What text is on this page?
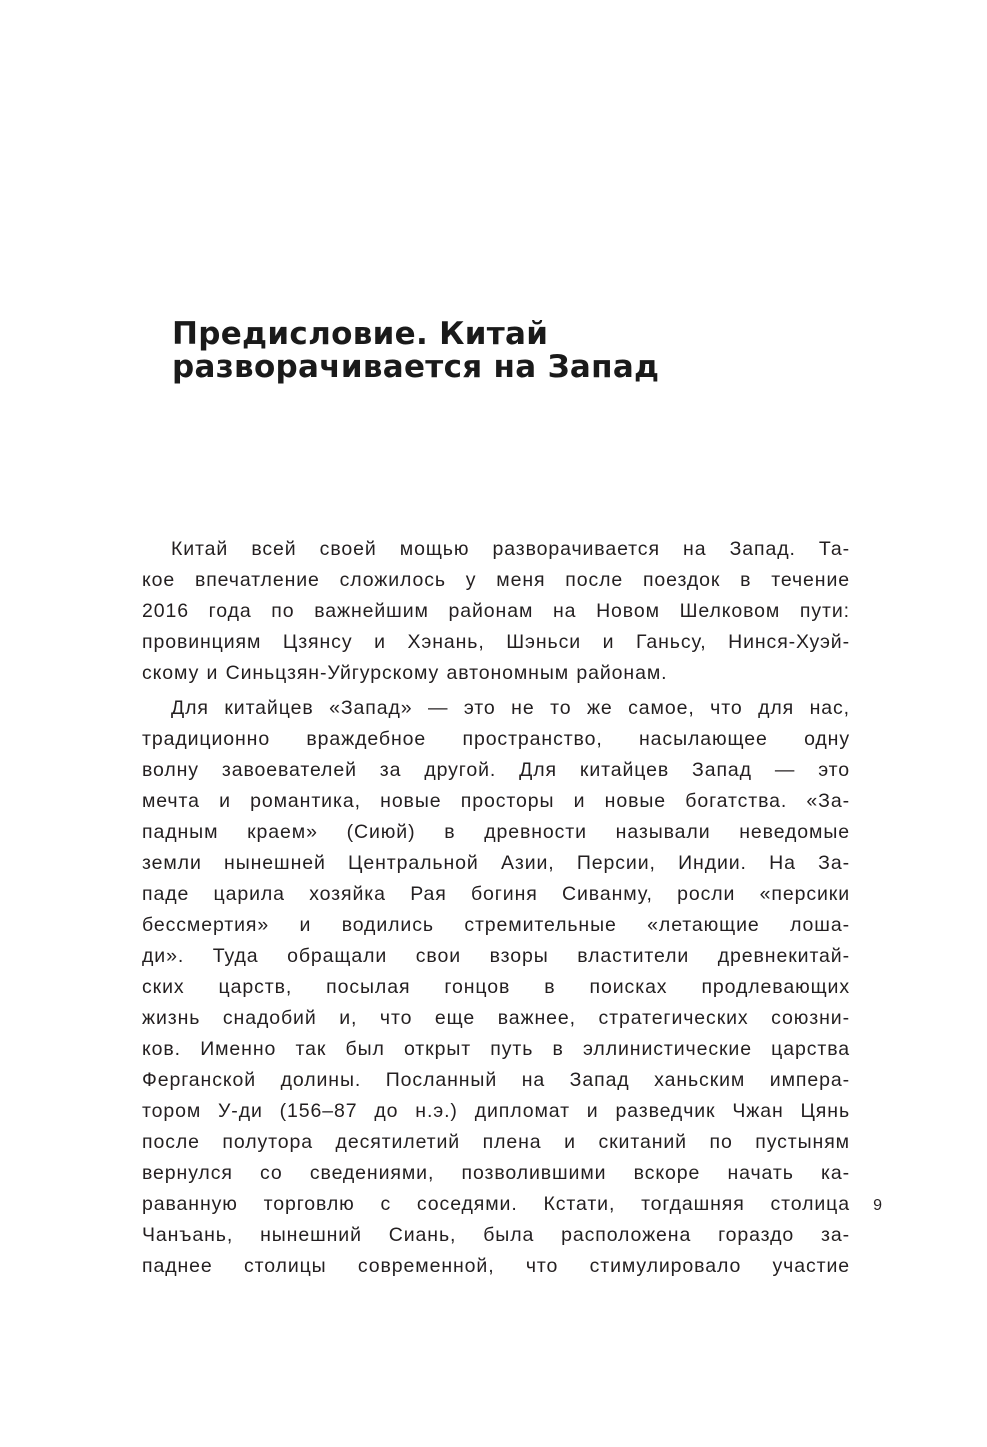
Предисловие. Китай
разворачивается на Запад
Китай всей своей мощью разворачивается на Запад. Та-
кое впечатление сложилось у меня после поездок в течение
2016 года по важнейшим районам на Новом Шелковом пути:
провинциям Цзянсу и Хэнань, Шэньси и Ганьсу, Нинся-Хуэй-
скому и Синьцзян-Уйгурскому автономным районам.
Для китайцев «Запад» — это не то же самое, что для нас,
традиционно враждебное пространство, насылающее одну
волну завоевателей за другой. Для китайцев Запад — это
мечта и романтика, новые просторы и новые богатства. «За-
падным краем» (Сиюй) в древности называли неведомые
земли нынешней Центральной Азии, Персии, Индии. На За-
паде царила хозяйка Рая богиня Сиванму, росли «персики
бессмертия» и водились стремительные «летающие лоша-
ди». Туда обращали свои взоры властители древнекитай-
ских царств, посылая гонцов в поисках продлевающих
жизнь снадобий и, что еще важнее, стратегических союзни-
ков. Именно так был открыт путь в эллинистические царства
Ферганской долины. Посланный на Запад ханьским импера-
тором У-ди (156–87 до н.э.) дипломат и разведчик Чжан Цянь
после полутора десятилетий плена и скитаний по пустыням
вернулся со сведениями, позволившими вскоре начать ка-
раванную торговлю с соседями. Кстати, тогдашняя столица
Чанъань, нынешний Сиань, была расположена гораздо за-
паднее столицы современной, что стимулировало участие
9
